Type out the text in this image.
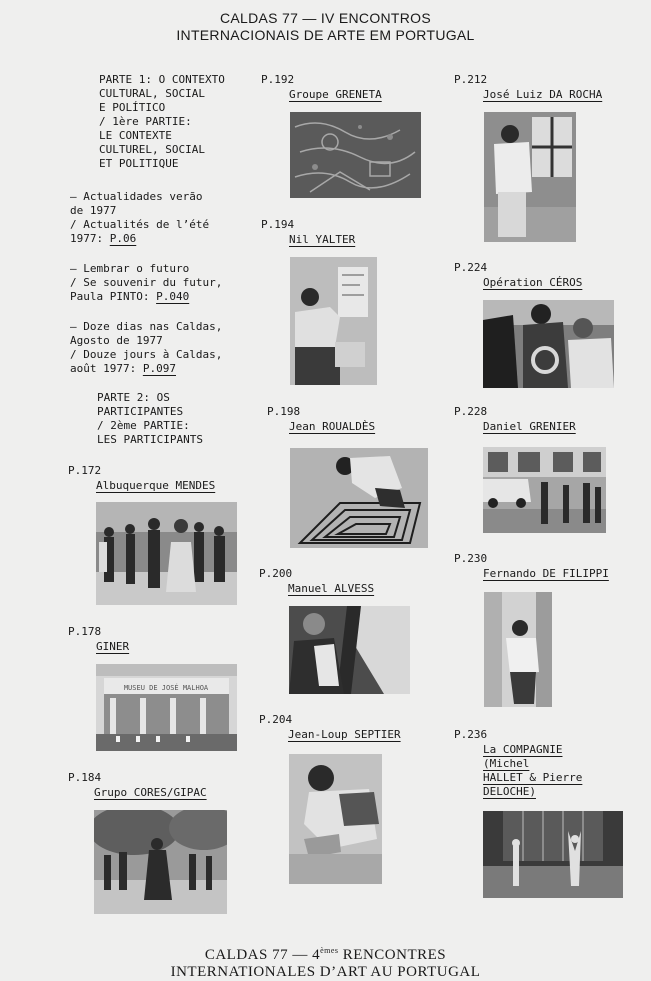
CALDAS 77 — IV ENCONTROS
INTERNACIONAIS DE ARTE EM PORTUGAL
PARTE 1: O CONTEXTO
CULTURAL, SOCIAL
E POLÍTICO
/ 1ère PARTIE:
LE CONTEXTE
CULTUREL, SOCIAL
ET POLITIQUE
– Actualidades verão
de 1977
/ Actualités de l’été
1977: P.06
– Lembrar o futuro
/ Se souvenir du futur,
Paula PINTO: P.040
– Doze dias nas Caldas,
Agosto de 1977
/ Douze jours à Caldas,
août 1977: P.097
PARTE 2: OS
PARTICIPANTES
/ 2ème PARTIE:
LES PARTICIPANTS
P.172
Albuquerque MENDES
P.178
GINER
MUSEU DE JOSÉ MALHOA
P.184
Grupo CORES/GIPAC
P.192
Groupe GRENETA
P.194
Nil YALTER
P.198
Jean ROUALDÈS
P.200
Manuel ALVESS
P.204
Jean-Loup SEPTIER
P.212
José Luiz DA ROCHA
P.224
Opération CÉROS
P.228
Daniel GRENIER
P.230
Fernando DE FILIPPI
P.236
La COMPAGNIE
(Michel
HALLET & Pierre
DELOCHE)
CALDAS 77 — 4èmes RENCONTRES
INTERNATIONALES D’ART AU PORTUGAL
